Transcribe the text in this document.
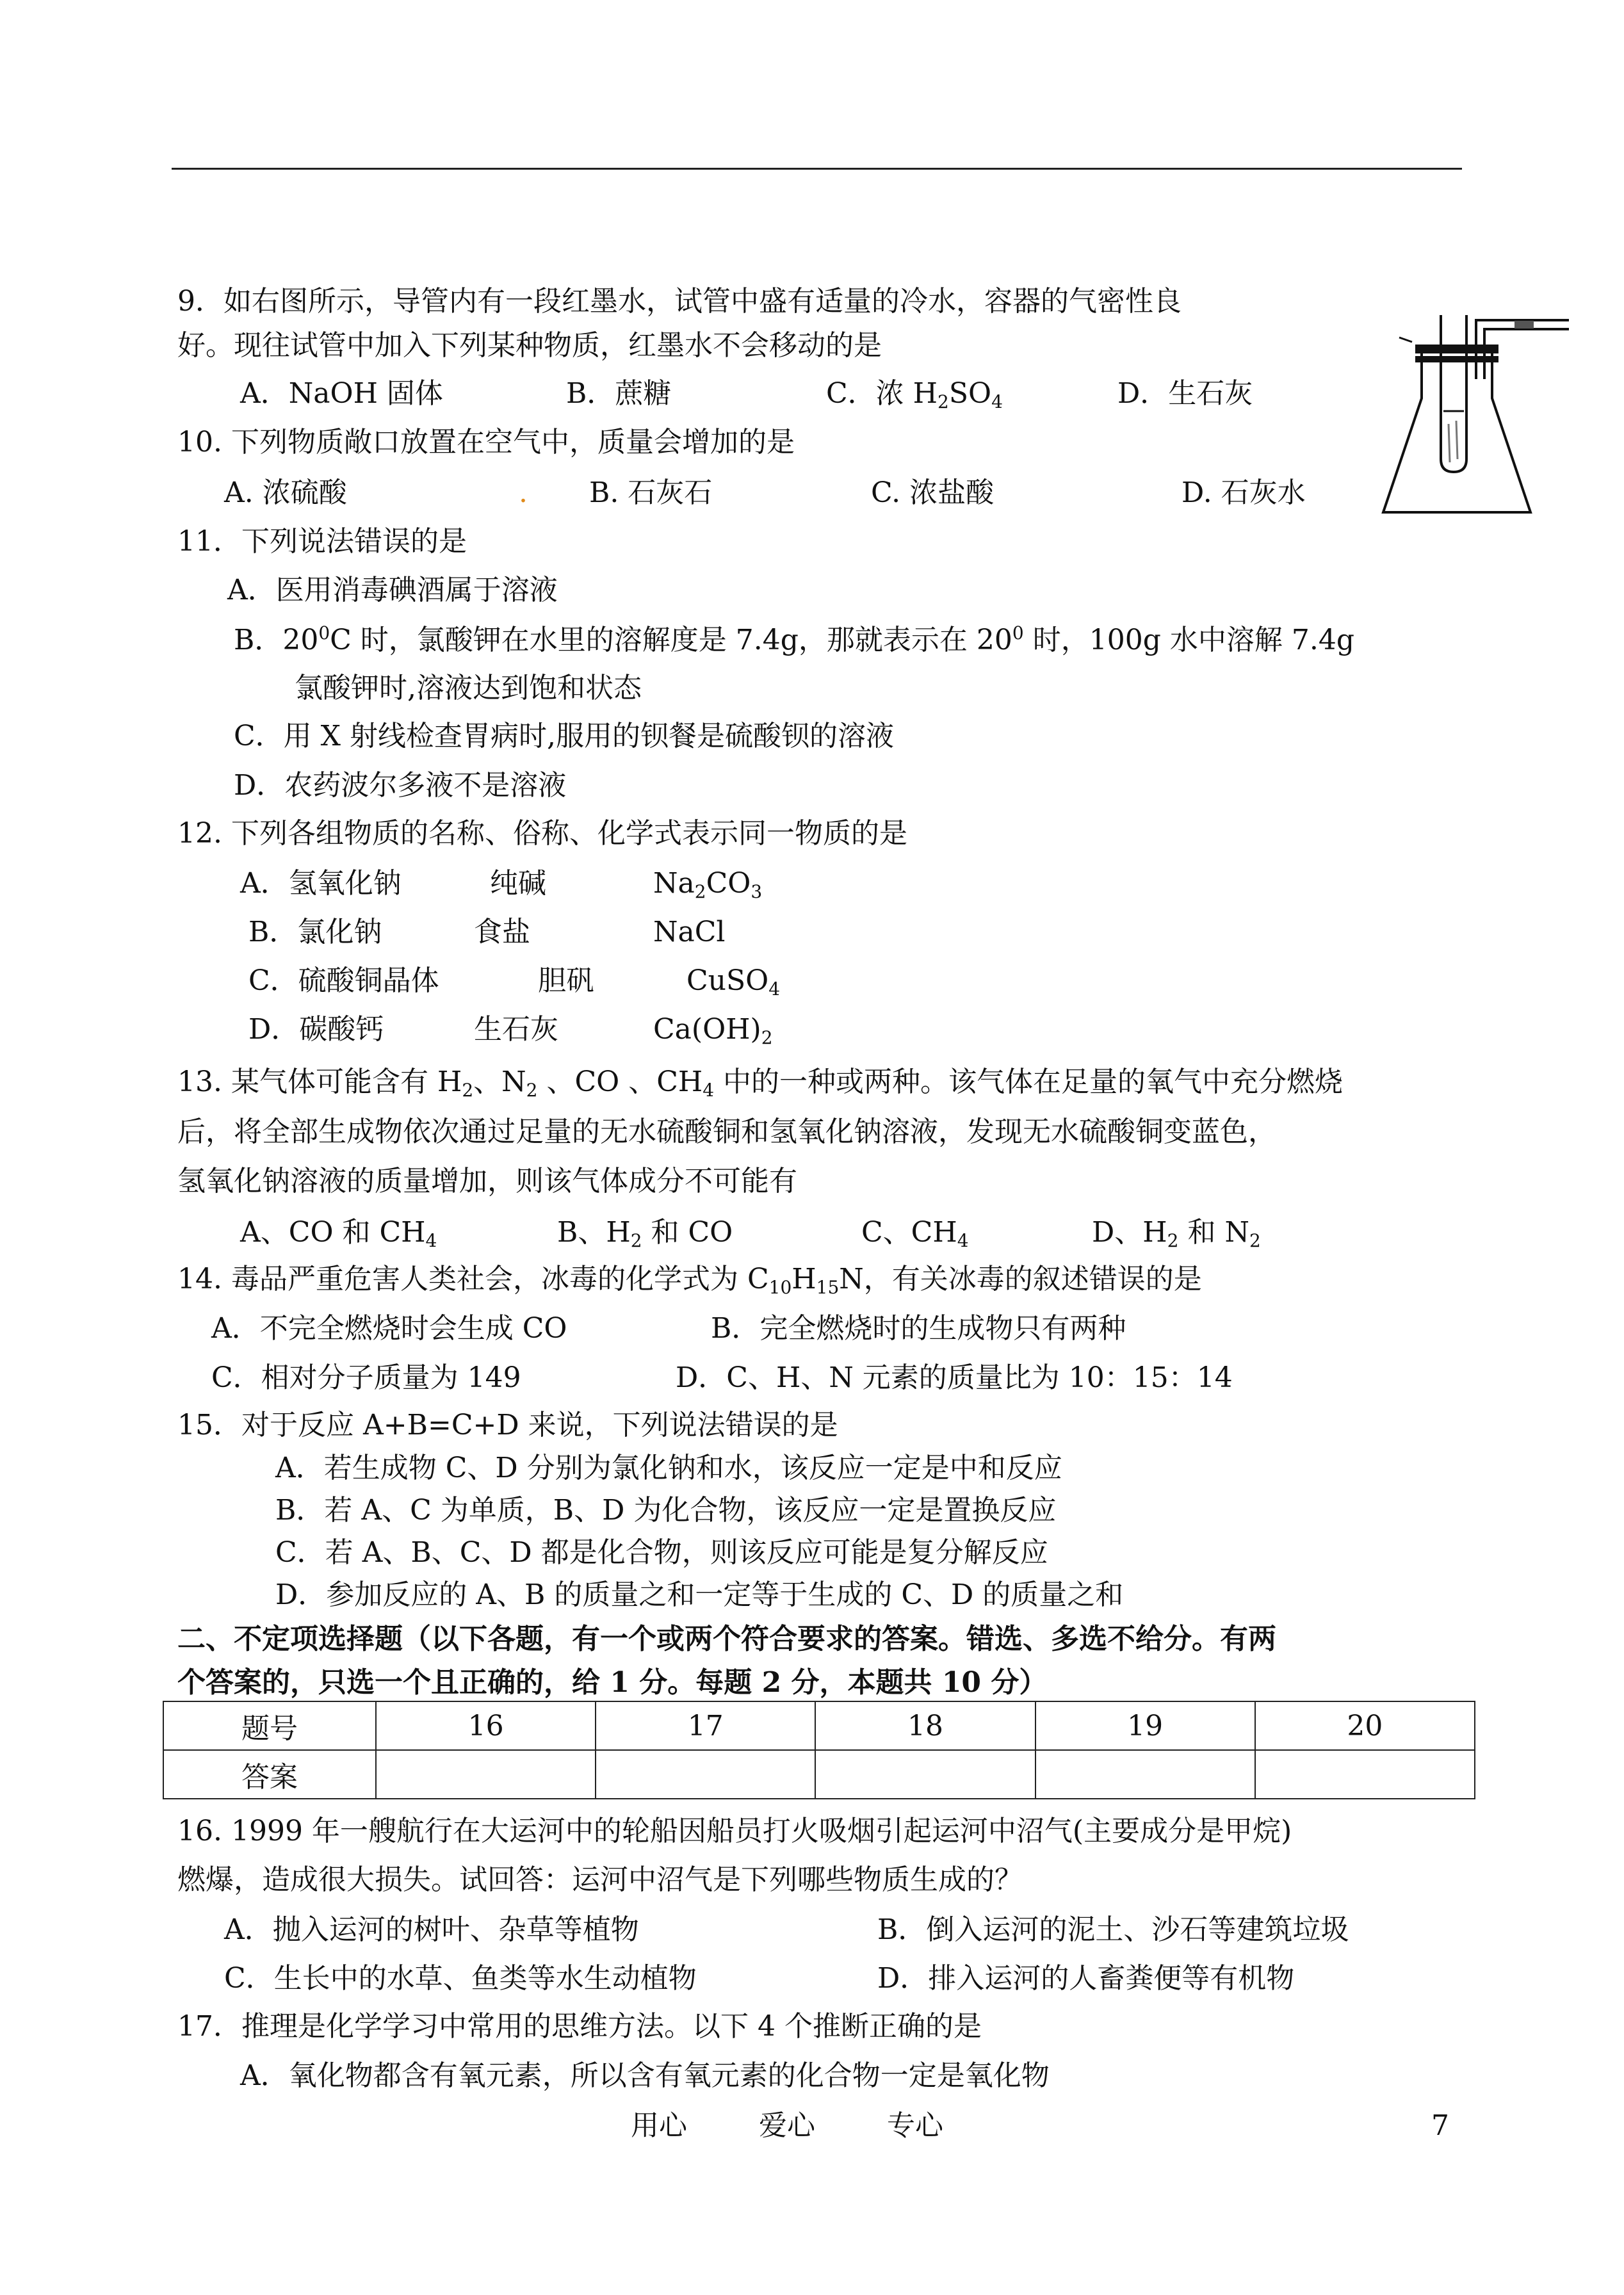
9．如右图所示，导管内有一段红墨水，试管中盛有适量的冷水，容器的气密性良
好。现往试管中加入下列某种物质，红墨水不会移动的是
A．NaOH 固体	B．蔗糖	C．浓 $H_2SO_4$	D．生石灰
10. 下列物质敞口放置在空气中，质量会增加的是
A. 浓硫酸	. B. 石灰石	C. 浓盐酸	D. 石灰水
11．下列说法错误的是
A．医用消毒碘酒属于溶液
B．$20^0C$ 时，氯酸钾在水里的溶解度是 7.4g，那就表示在 $20^0$ 时，100g 水中溶解 7.4g
氯酸钾时,溶液达到饱和状态
C．用 X 射线检查胃病时,服用的钡餐是硫酸钡的溶液
D．农药波尔多液不是溶液
12. 下列各组物质的名称、俗称、化学式表示同一物质的是
A．氢氧化钠	纯碱	$Na_2CO_3$
B．氯化钠	食盐	NaCl
C．硫酸铜晶体	胆矾	CuSO$_4$
D．碳酸钙	生石灰	$Ca(OH)_2$
13. 某气体可能含有 $H_2$、$N_2$ 、CO 、$CH_4$ 中的一种或两种。该气体在足量的氧气中充分燃烧
后，将全部生成物依次通过足量的无水硫酸铜和氢氧化钠溶液，发现无水硫酸铜变蓝色，
氢氧化钠溶液的质量增加，则该气体成分不可能有
A、CO 和 $CH_4$	B、$H_2$ 和 CO	C、$CH_4$	D、$H_2$ 和 $N_2$
14. 毒品严重危害人类社会，冰毒的化学式为 $C_{10}H_{15}N$，有关冰毒的叙述错误的是
A．不完全燃烧时会生成 CO	B．完全燃烧时的生成物只有两种
C．相对分子质量为 149	D．C、H、N 元素的质量比为 10：15：14
15．对于反应 A+B=C+D 来说，下列说法错误的是
A．若生成物 C、D 分别为氯化钠和水，该反应一定是中和反应
B．若 A、C 为单质，B、D 为化合物，该反应一定是置换反应
C．若 A、B、C、D 都是化合物，则该反应可能是复分解反应
D．参加反应的 A、B 的质量之和一定等于生成的 C、D 的质量之和
二、不定项选择题（以下各题，有一个或两个符合要求的答案。错选、多选不给分。有两
个答案的，只选一个且正确的，给 1 分。每题 2 分，本题共 10 分）
题号	16	17	18	19	20
答案					
16. 1999 年一艘航行在大运河中的轮船因船员打火吸烟引起运河中沼气(主要成分是甲烷)
燃爆，造成很大损失。试回答：运河中沼气是下列哪些物质生成的？
A．抛入运河的树叶、杂草等植物	B．倒入运河的泥土、沙石等建筑垃圾
C．生长中的水草、鱼类等水生动植物	D．排入运河的人畜粪便等有机物
17．推理是化学学习中常用的思维方法。以下 4 个推断正确的是
A．氧化物都含有氧元素，所以含有氧元素的化合物一定是氧化物
用心	爱心	专心	7
